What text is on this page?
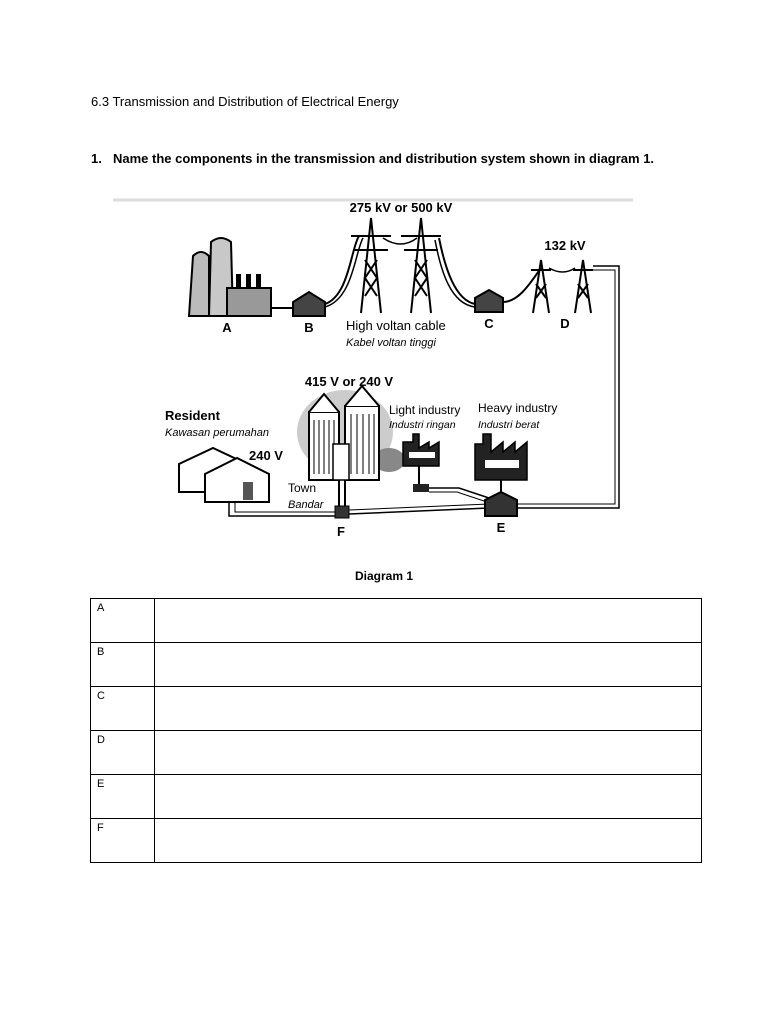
6.3 Transmission and Distribution of Electrical Energy
1. Name the components in the transmission and distribution system shown in diagram 1.
275 kV or 500 kV
132 kV
415 V or 240 V
A	B	C	D
E
F
High voltan cable
Kabel voltan tinggi
Resident
Kawasan perumahan
240 V
Town
Bandar
Light industry
Industri ringan
Heavy industry
Industri berat
Diagram 1
A	
B	
C	
D	
E	
F	
